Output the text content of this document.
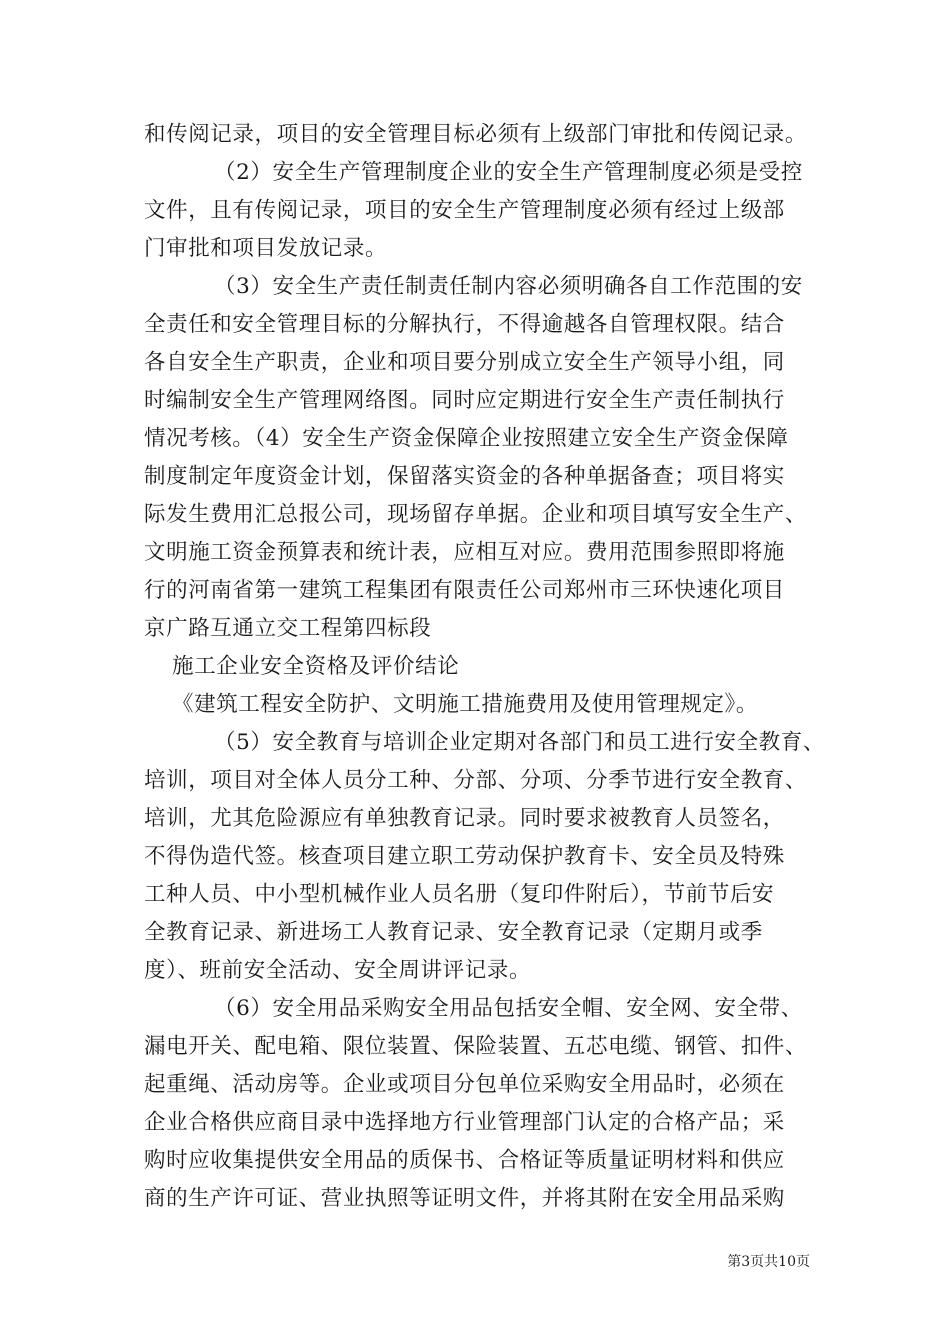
和传阅记录，项目的安全管理目标必须有上级部门审批和传阅记录。
（2）安全生产管理制度企业的安全生产管理制度必须是受控
文件，且有传阅记录，项目的安全生产管理制度必须有经过上级部
门审批和项目发放记录。
（3）安全生产责任制责任制内容必须明确各自工作范围的安
全责任和安全管理目标的分解执行，不得逾越各自管理权限。结合
各自安全生产职责，企业和项目要分别成立安全生产领导小组，同
时编制安全生产管理网络图。同时应定期进行安全生产责任制执行
情况考核。（4）安全生产资金保障企业按照建立安全生产资金保障
制度制定年度资金计划，保留落实资金的各种单据备查；项目将实
际发生费用汇总报公司，现场留存单据。企业和项目填写安全生产、
文明施工资金预算表和统计表，应相互对应。费用范围参照即将施
行的河南省第一建筑工程集团有限责任公司郑州市三环快速化项目
京广路互通立交工程第四标段
施工企业安全资格及评价结论
《建筑工程安全防护、文明施工措施费用及使用管理规定》。
（5）安全教育与培训企业定期对各部门和员工进行安全教育、
培训，项目对全体人员分工种、分部、分项、分季节进行安全教育、
培训，尤其危险源应有单独教育记录。同时要求被教育人员签名，
不得伪造代签。核查项目建立职工劳动保护教育卡、安全员及特殊
工种人员、中小型机械作业人员名册（复印件附后），节前节后安
全教育记录、新进场工人教育记录、安全教育记录（定期月或季
度）、班前安全活动、安全周讲评记录。
（6）安全用品采购安全用品包括安全帽、安全网、安全带、
漏电开关、配电箱、限位装置、保险装置、五芯电缆、钢管、扣件、
起重绳、活动房等。企业或项目分包单位采购安全用品时，必须在
企业合格供应商目录中选择地方行业管理部门认定的合格产品；采
购时应收集提供安全用品的质保书、合格证等质量证明材料和供应
商的生产许可证、营业执照等证明文件，并将其附在安全用品采购
第3页共10页
